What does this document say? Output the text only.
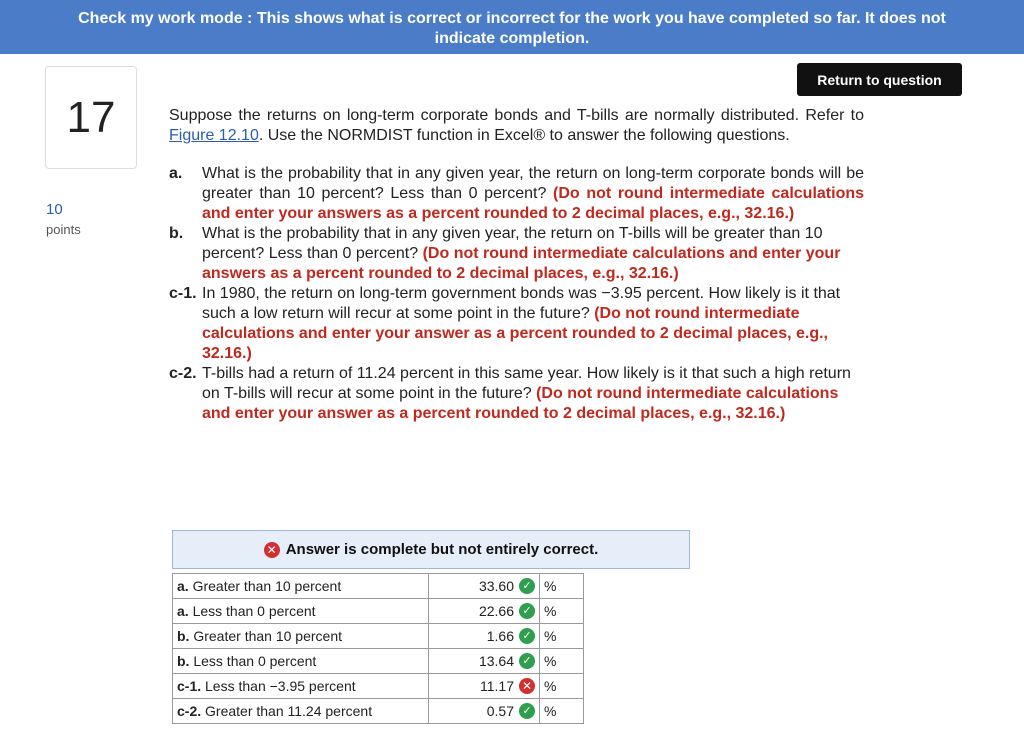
Check my work mode : This shows what is correct or incorrect for the work you have completed so far. It does not
indicate completion.
17
10
points
Return to question

Suppose the returns on long-term corporate bonds and T-bills are normally distributed. Refer to Figure 12.10. Use the NORMDIST function in Excel® to answer the following questions.

a.	What is the probability that in any given year, the return on long-term corporate bonds will be greater than 10 percent? Less than 0 percent? (Do not round intermediate calculations and enter your answers as a percent rounded to 2 decimal places, e.g., 32.16.)
b.	What is the probability that in any given year, the return on T-bills will be greater than 10 percent? Less than 0 percent? (Do not round intermediate calculations and enter your answers as a percent rounded to 2 decimal places, e.g., 32.16.)
c-1. In 1980, the return on long-term government bonds was −3.95 percent. How likely is it that such a low return will recur at some point in the future? (Do not round intermediate calculations and enter your answer as a percent rounded to 2 decimal places, e.g., 32.16.)
c-2. T-bills had a return of 11.24 percent in this same year. How likely is it that such a high return on T-bills will recur at some point in the future? (Do not round intermediate calculations and enter your answer as a percent rounded to 2 decimal places, e.g., 32.16.)
✕ Answer is complete but not entirely correct.
a. Greater than 10 percent	33.60 ✓	%
a. Less than 0 percent	22.66 ✓	%
b. Greater than 10 percent	1.66 ✓	%
b. Less than 0 percent	13.64 ✓	%
c-1. Less than −3.95 percent	11.17 ✕	%
c-2. Greater than 11.24 percent	0.57 ✓	%
